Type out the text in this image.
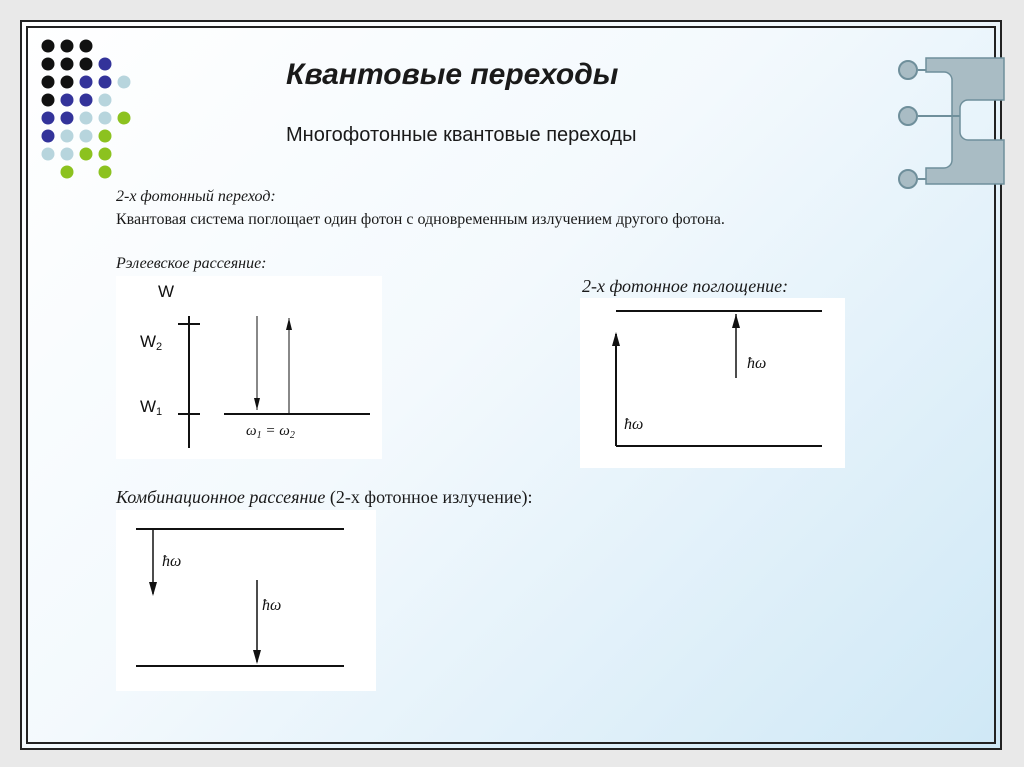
Квантовые переходы

Многофотонные квантовые переходы

2-х фотонный переход:

Квантовая система поглощает один фотон с одновременным излучением другого фотона.

Рэлеевское рассеяние:
2-х фотонное поглощение:
Комбинационное рассеяние (2-х фотонное излучение):
W
W2
W1
$\omega_1 = \omega_2$
ħω
ħω
ħω
ħω
